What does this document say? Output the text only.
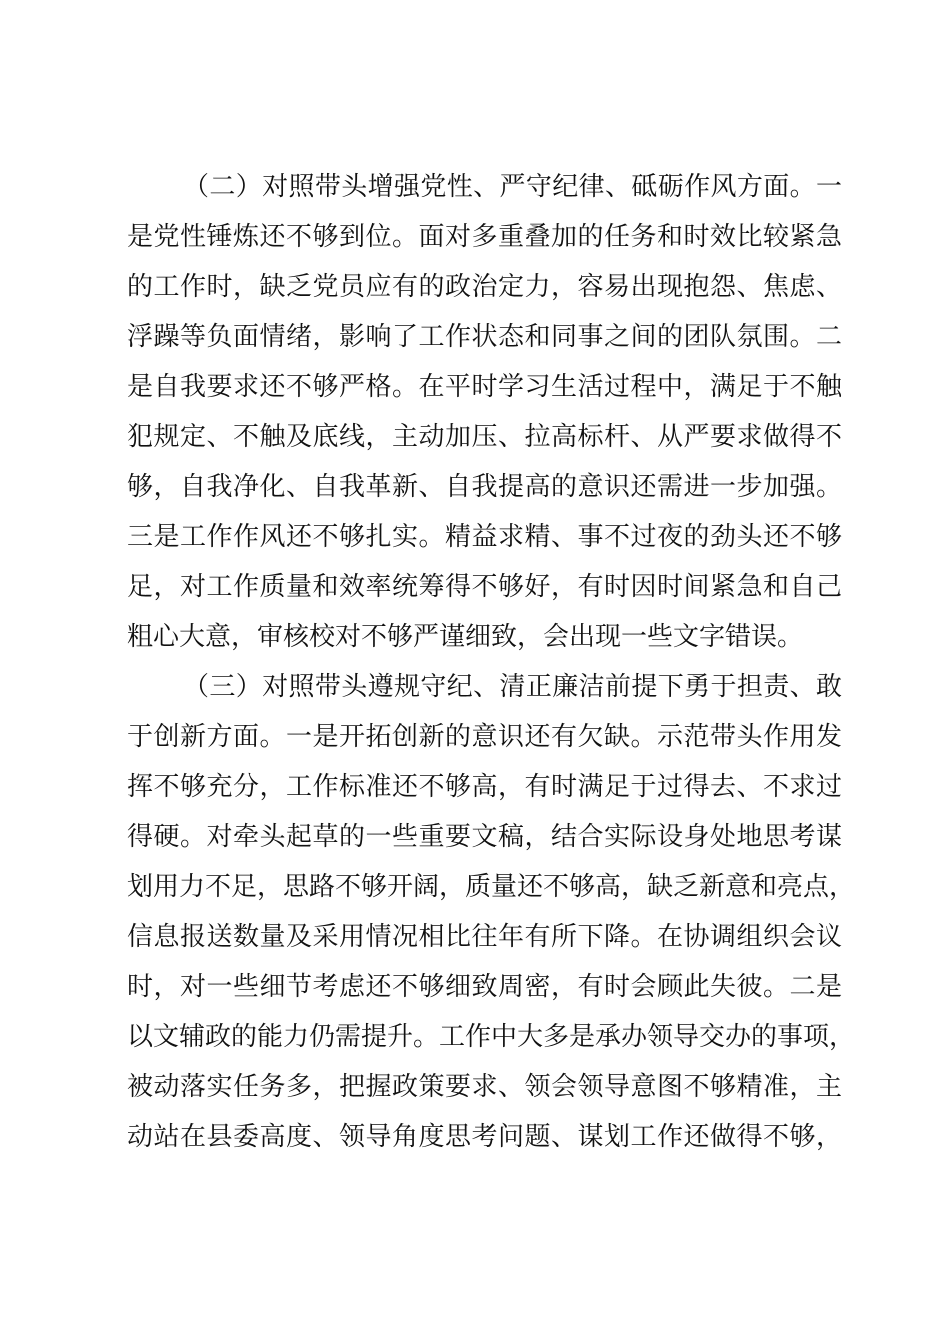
（二）对照带头增强党性、严守纪律、砥砺作风方面。一
是党性锤炼还不够到位。面对多重叠加的任务和时效比较紧急
的工作时，缺乏党员应有的政治定力，容易出现抱怨、焦虑、
浮躁等负面情绪，影响了工作状态和同事之间的团队氛围。二
是自我要求还不够严格。在平时学习生活过程中，满足于不触
犯规定、不触及底线，主动加压、拉高标杆、从严要求做得不
够，自我净化、自我革新、自我提高的意识还需进一步加强。
三是工作作风还不够扎实。精益求精、事不过夜的劲头还不够
足，对工作质量和效率统筹得不够好，有时因时间紧急和自己
粗心大意，审核校对不够严谨细致，会出现一些文字错误。

（三）对照带头遵规守纪、清正廉洁前提下勇于担责、敢
于创新方面。一是开拓创新的意识还有欠缺。示范带头作用发
挥不够充分，工作标准还不够高，有时满足于过得去、不求过
得硬。对牵头起草的一些重要文稿，结合实际设身处地思考谋
划用力不足，思路不够开阔，质量还不够高，缺乏新意和亮点，
信息报送数量及采用情况相比往年有所下降。在协调组织会议
时，对一些细节考虑还不够细致周密，有时会顾此失彼。二是
以文辅政的能力仍需提升。工作中大多是承办领导交办的事项，
被动落实任务多，把握政策要求、领会领导意图不够精准，主
动站在县委高度、领导角度思考问题、谋划工作还做得不够，
